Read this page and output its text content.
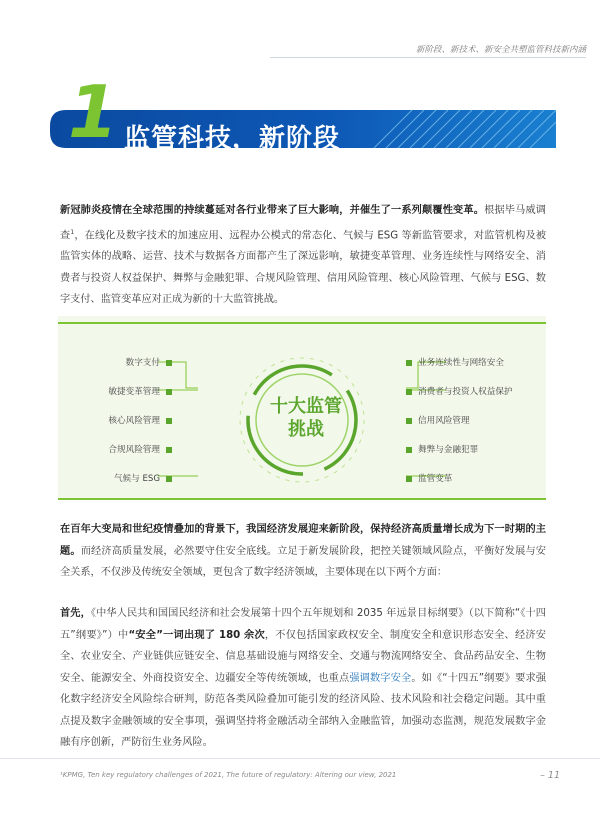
新阶段、新技术、新安全共塑监管科技新内涵
1 监管科技，新阶段
新冠肺炎疫情在全球范围的持续蔓延对各行业带来了巨大影响，并催生了一系列颠覆性变革。根据毕马威调查$^1$，在线化及数字技术的加速应用、远程办公模式的常态化、气候与 ESG 等新监管要求，对监管机构及被监管实体的战略、运营、技术与数据各方面都产生了深远影响，敏捷变革管理、业务连续性与网络安全、消费者与投资人权益保护、舞弊与金融犯罪、合规风险管理、信用风险管理、核心风险管理、气候与 ESG、数字支付、监管变革应对正成为新的十大监管挑战。
十大监管
挑战
数字支付
敏捷变革管理
核心风险管理
合规风险管理
气候与 ESG
业务连续性与网络安全
消费者与投资人权益保护
信用风险管理
舞弊与金融犯罪
监管变革
在百年大变局和世纪疫情叠加的背景下，我国经济发展迎来新阶段，保持经济高质量增长成为下一时期的主题。而经济高质量发展，必然要守住安全底线。立足于新发展阶段，把控关键领域风险点，平衡好发展与安全关系，不仅涉及传统安全领域，更包含了数字经济领域，主要体现在以下两个方面：
首先，《中华人民共和国国民经济和社会发展第十四个五年规划和 2035 年远景目标纲要》（以下简称“《十四五”纲要》”）中“安全”一词出现了 180 余次，不仅包括国家政权安全、制度安全和意识形态安全、经济安全、农业安全、产业链供应链安全、信息基础设施与网络安全、交通与物流网络安全、食品药品安全、生物安全、能源安全、外商投资安全、边疆安全等传统领域，也重点强调数字安全。如《“十四五”纲要》要求强化数字经济安全风险综合研判，防范各类风险叠加可能引发的经济风险、技术风险和社会稳定问题。其中重点提及数字金融领域的安全事项，强调坚持将金融活动全部纳入金融监管，加强动态监测，规范发展数字金融有序创新，严防衍生业务风险。
¹KPMG, Ten key regulatory challenges of 2021, The future of regulatory: Altering our view, 2021	– 11
